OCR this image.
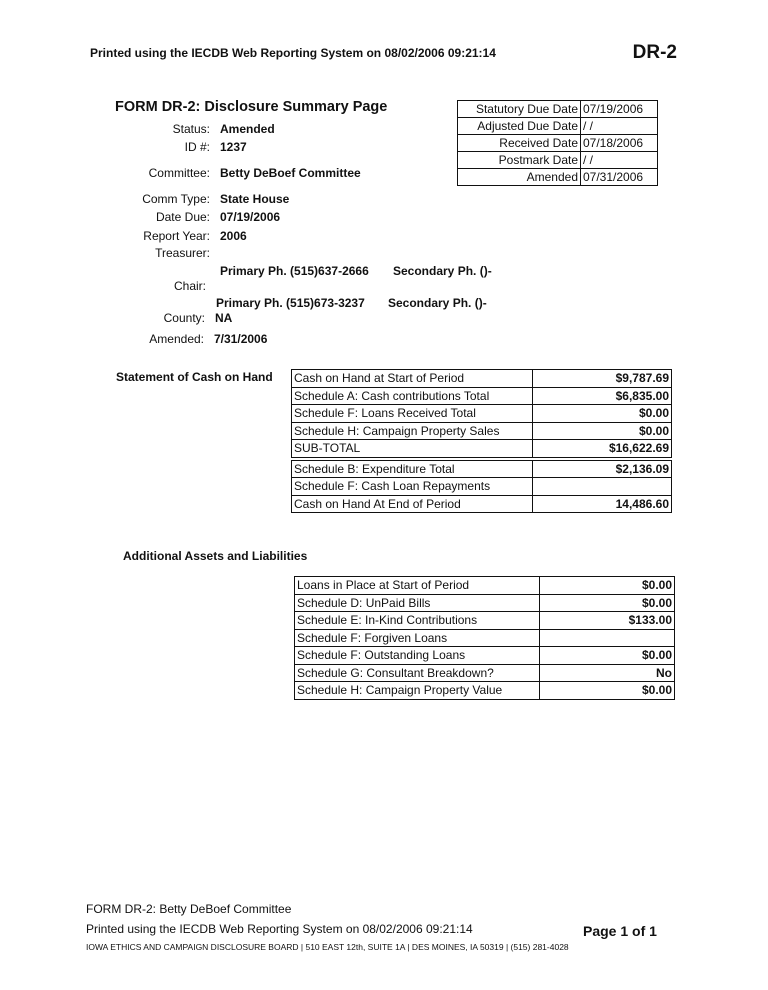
Printed using the IECDB Web Reporting System on 08/02/2006 09:21:14	DR-2
FORM DR-2: Disclosure Summary Page
Status: Amended
ID #: 1237
Committee: Betty DeBoef Committee
Comm Type: State House
Date Due: 07/19/2006
Report Year: 2006
Treasurer:
Primary Ph. (515)637-2666 Secondary Ph. ()-
Chair:
Primary Ph. (515)673-3237 Secondary Ph. ()-
County: NA
Amended: 7/31/2006
Statutory Due Date	07/19/2006
Adjusted Due Date	/ /
Received Date	07/18/2006
Postmark Date	/ /
Amended	07/31/2006
Statement of Cash on Hand Cash on Hand at Start of Period	$9,787.69
Schedule A: Cash contributions Total	$6,835.00
Schedule F: Loans Received Total	$0.00
Schedule H: Campaign Property Sales	$0.00
SUB-TOTAL	$16,622.69

Schedule B: Expenditure Total	$2,136.09
Schedule F: Cash Loan Repayments	
Cash on Hand At End of Period	14,486.60
Additional Assets and Liabilities
Loans in Place at Start of Period	$0.00
Schedule D: UnPaid Bills	$0.00
Schedule E: In-Kind Contributions	$133.00
Schedule F: Forgiven Loans	
Schedule F: Outstanding Loans	$0.00
Schedule G: Consultant Breakdown?	No
Schedule H: Campaign Property Value	$0.00
FORM DR-2: Betty DeBoef Committee
Printed using the IECDB Web Reporting System on 08/02/2006 09:21:14	Page 1 of 1
IOWA ETHICS AND CAMPAIGN DISCLOSURE BOARD | 510 EAST 12th, SUITE 1A | DES MOINES, IA 50319 | (515) 281-4028
